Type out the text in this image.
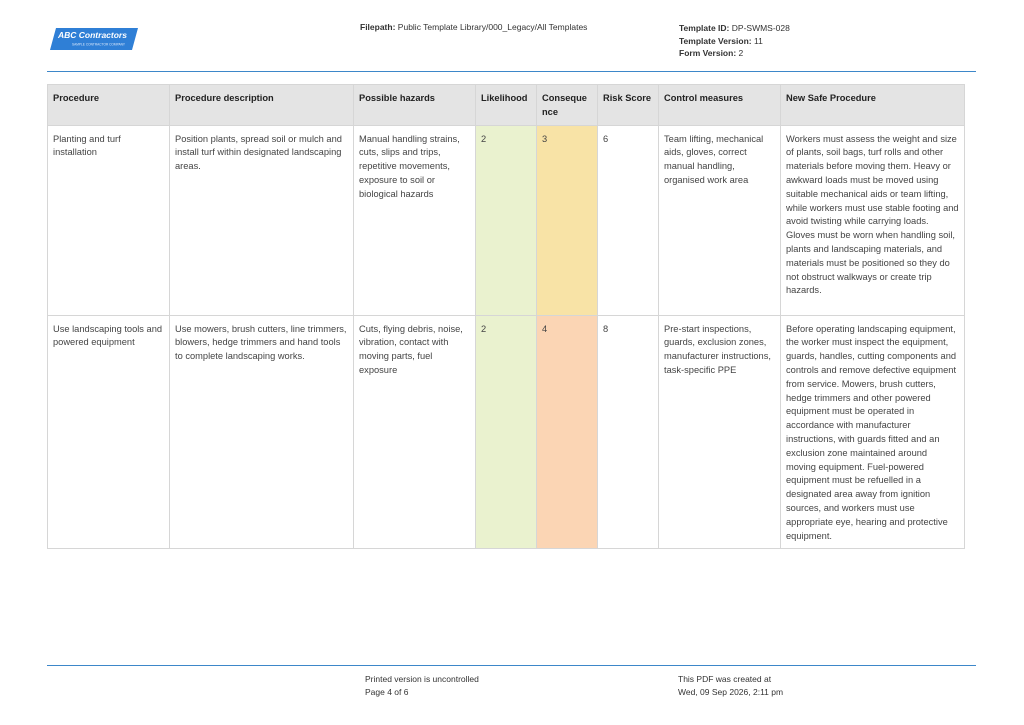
ABC Contractors
SAMPLE CONTRACTOR COMPANY
Filepath: Public Template Library/000_Legacy/All Templates	Template ID: DP-SWMS-028
Template Version: 11
Form Version: 2
Procedure	Procedure description	Possible hazards	Likelihood	Consequence	Risk Score	Control measures	New Safe Procedure
Planting and turf installation	Position plants, spread soil or mulch and install turf within designated landscaping areas.	Manual handling strains, cuts, slips and trips, repetitive movements, exposure to soil or biological hazards	2	3	6	Team lifting, mechanical aids, gloves, correct manual handling, organised work area	Workers must assess the weight and size of plants, soil bags, turf rolls and other materials before moving them. Heavy or awkward loads must be moved using suitable mechanical aids or team lifting, while workers must use stable footing and avoid twisting while carrying loads. Gloves must be worn when handling soil, plants and landscaping materials, and materials must be positioned so they do not obstruct walkways or create trip hazards.
Use landscaping tools and powered equipment	Use mowers, brush cutters, line trimmers, blowers, hedge trimmers and hand tools to complete landscaping works.	Cuts, flying debris, noise, vibration, contact with moving parts, fuel exposure	2	4	8	Pre-start inspections, guards, exclusion zones, manufacturer instructions, task-specific PPE	Before operating landscaping equipment, the worker must inspect the equipment, guards, handles, cutting components and controls and remove defective equipment from service. Mowers, brush cutters, hedge trimmers and other powered equipment must be operated in accordance with manufacturer instructions, with guards fitted and an exclusion zone maintained around moving equipment. Fuel-powered equipment must be refuelled in a designated area away from ignition sources, and workers must use appropriate eye, hearing and protective equipment.
Printed version is uncontrolled
Page 4 of 6
This PDF was created at
Wed, 09 Sep 2026, 2:11 pm
